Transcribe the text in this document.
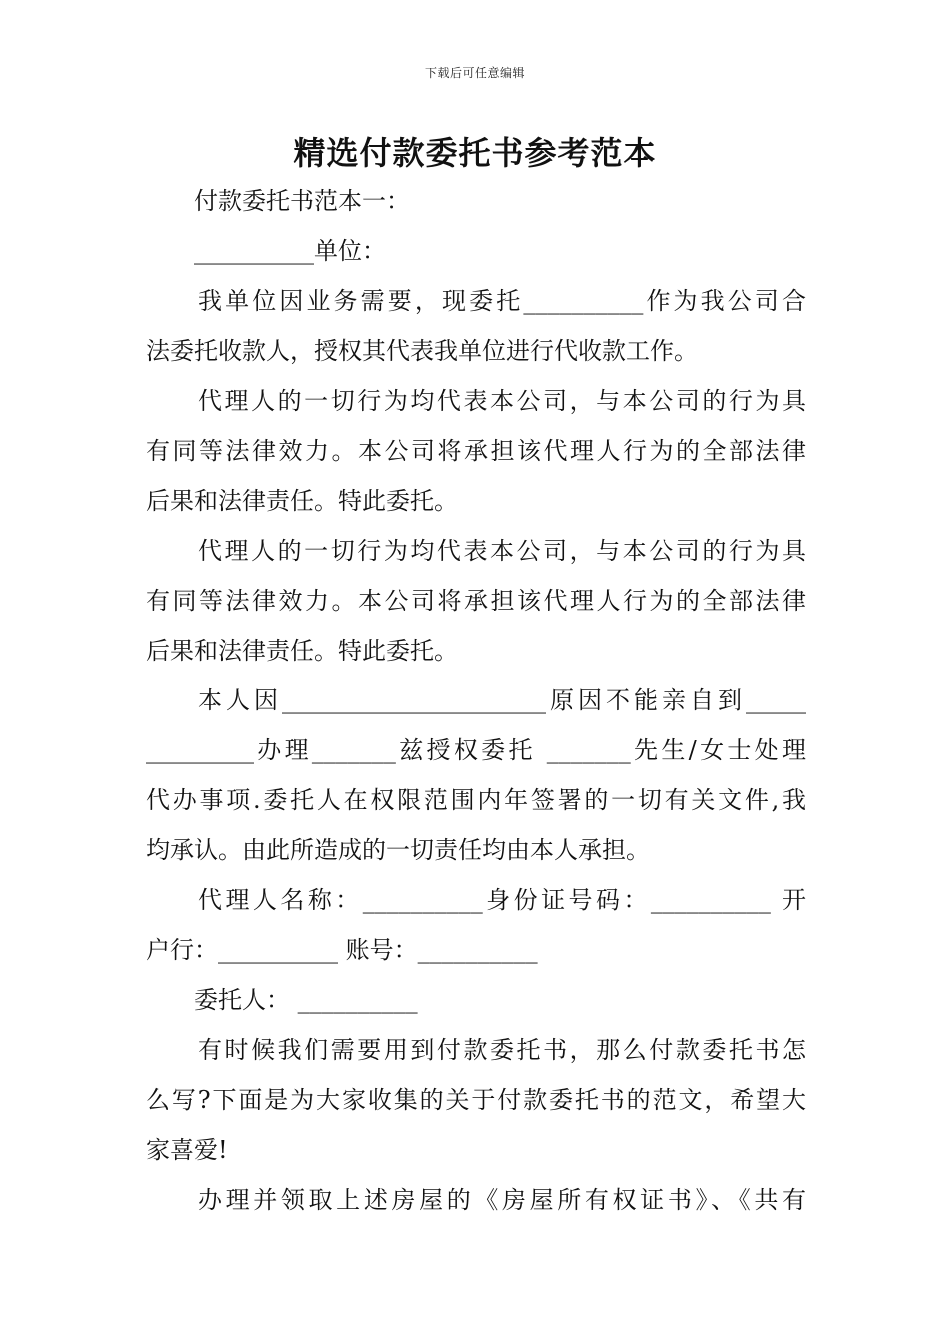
下载后可任意编辑
精选付款委托书参考范本
付款委托书范本一：
__________单位：
我单位因业务需要，现委托__________作为我公司合
法委托收款人，授权其代表我单位进行代收款工作。
代理人的一切行为均代表本公司，与本公司的行为具
有同等法律效力。本公司将承担该代理人行为的全部法律
后果和法律责任。特此委托。
代理人的一切行为均代表本公司，与本公司的行为具
有同等法律效力。本公司将承担该代理人行为的全部法律
后果和法律责任。特此委托。
本人因______________________原因不能亲自到_____
_________办理_______兹授权委托 _______先生/女士处理
代办事项.委托人在权限范围内年签署的一切有关文件,我
均承认。由此所造成的一切责任均由本人承担。
代理人名称：__________身份证号码：__________ 开
户行：__________ 账号：__________
委托人： __________
有时候我们需要用到付款委托书，那么付款委托书怎
么写?下面是为大家收集的关于付款委托书的范文，希望大
家喜爱!
办理并领取上述房屋的《房屋所有权证书》、《共有
